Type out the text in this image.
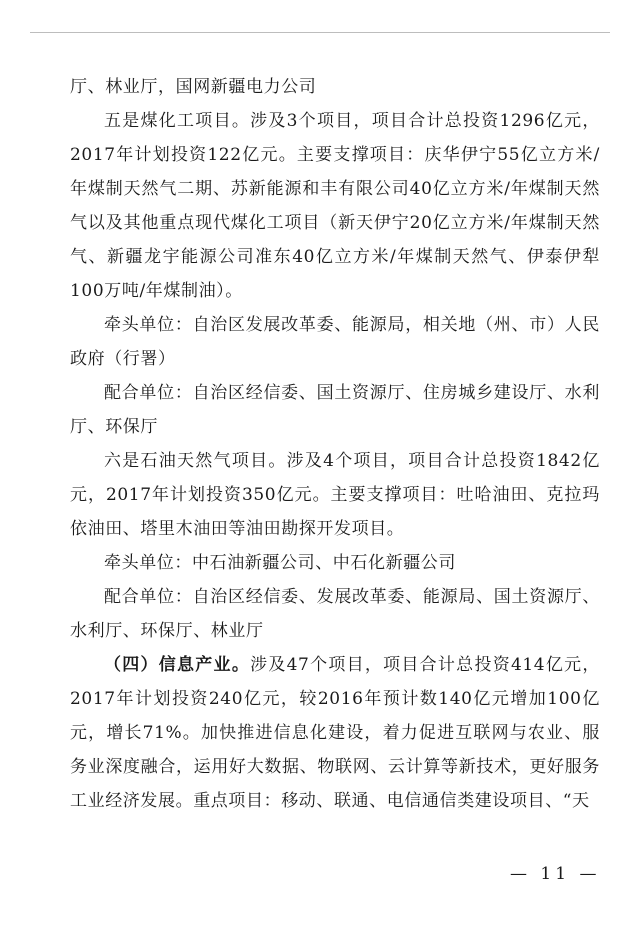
厅、林业厅，国网新疆电力公司

五是煤化工项目。涉及3个项目，项目合计总投资1296亿元，2017年计划投资122亿元。主要支撑项目：庆华伊宁55亿立方米/年煤制天然气二期、苏新能源和丰有限公司40亿立方米/年煤制天然气以及其他重点现代煤化工项目（新天伊宁20亿立方米/年煤制天然气、新疆龙宇能源公司准东40亿立方米/年煤制天然气、伊泰伊犁100万吨/年煤制油）。

牵头单位：自治区发展改革委、能源局，相关地（州、市）人民政府（行署）

配合单位：自治区经信委、国土资源厅、住房城乡建设厅、水利厅、环保厅

六是石油天然气项目。涉及4个项目，项目合计总投资1842亿元，2017年计划投资350亿元。主要支撑项目：吐哈油田、克拉玛依油田、塔里木油田等油田勘探开发项目。

牵头单位：中石油新疆公司、中石化新疆公司

配合单位：自治区经信委、发展改革委、能源局、国土资源厅、水利厅、环保厅、林业厅

（四）信息产业。涉及47个项目，项目合计总投资414亿元，2017年计划投资240亿元，较2016年预计数140亿元增加100亿元，增长71%。加快推进信息化建设，着力促进互联网与农业、服务业深度融合，运用好大数据、物联网、云计算等新技术，更好服务工业经济发展。重点项目：移动、联通、电信通信类建设项目、“天

— 11 —
